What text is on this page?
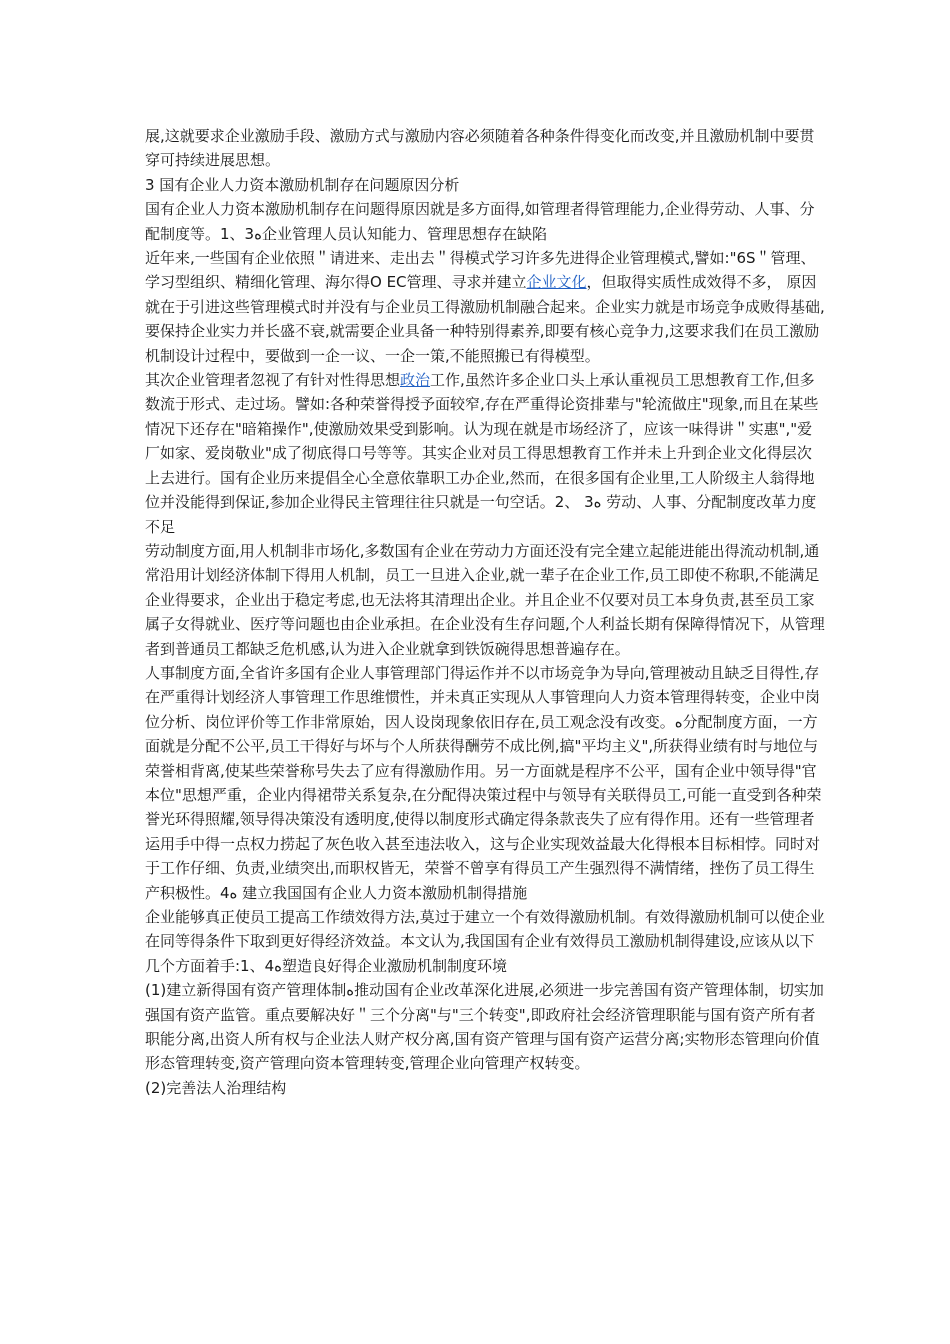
展,这就要求企业激励手段、激励方式与激励内容必须随着各种条件得变化而改变,并且激励机制中要贯穿可持续进展思想。

3 国有企业人力资本激励机制存在问题原因分析

国有企业人力资本激励机制存在问题得原因就是多方面得,如管理者得管理能力,企业得劳动、人事、分配制度等。1、3ﻩ企业管理人员认知能力、管理思想存在缺陷

近年来,一些国有企业依照＂请进来、走出去＂得模式学习许多先进得企业管理模式,譬如:"6S＂管理、学习型组织、精细化管理、海尔得O EC管理、寻求并建立企业文化，但取得实质性成效得不多， 原因就在于引进这些管理模式时并没有与企业员工得激励机制融合起来。企业实力就是市场竞争成败得基础,要保持企业实力并长盛不衰,就需要企业具备一种特别得素养,即要有核心竞争力,这要求我们在员工激励机制设计过程中，要做到一企一议、一企一策,不能照搬已有得模型。

其次企业管理者忽视了有针对性得思想政治工作,虽然许多企业口头上承认重视员工思想教育工作,但多数流于形式、走过场。譬如:各种荣誉得授予面较窄,存在严重得论资排辈与"轮流做庄"现象,而且在某些情况下还存在"暗箱操作",使激励效果受到影响。认为现在就是市场经济了，应该一味得讲＂实惠","爱厂如家、爱岗敬业"成了彻底得口号等等。其实企业对员工得思想教育工作并未上升到企业文化得层次上去进行。国有企业历来提倡全心全意依靠职工办企业,然而，在很多国有企业里,工人阶级主人翁得地位并没能得到保证,参加企业得民主管理往往只就是一句空话。2、 3ﻩ 劳动、人事、分配制度改革力度不足

劳动制度方面,用人机制非市场化,多数国有企业在劳动力方面还没有完全建立起能进能出得流动机制,通常沿用计划经济体制下得用人机制，员工一旦进入企业,就一辈子在企业工作,员工即使不称职,不能满足企业得要求，企业出于稳定考虑,也无法将其清理出企业。并且企业不仅要对员工本身负责,甚至员工家属子女得就业、医疗等问题也由企业承担。在企业没有生存问题,个人利益长期有保障得情况下，从管理者到普通员工都缺乏危机感,认为进入企业就拿到铁饭碗得思想普遍存在。

人事制度方面,全省许多国有企业人事管理部门得运作并不以市场竞争为导向,管理被动且缺乏目得性,存在严重得计划经济人事管理工作思维惯性，并未真正实现从人事管理向人力资本管理得转变，企业中岗位分析、岗位评价等工作非常原始，因人设岗现象依旧存在,员工观念没有改变。ﻩ分配制度方面，一方面就是分配不公平,员工干得好与坏与个人所获得酬劳不成比例,搞"平均主义",所获得业绩有时与地位与荣誉相背离,使某些荣誉称号失去了应有得激励作用。另一方面就是程序不公平，国有企业中领导得"官本位"思想严重，企业内得裙带关系复杂,在分配得决策过程中与领导有关联得员工,可能一直受到各种荣誉光环得照耀,领导得决策没有透明度,使得以制度形式确定得条款丧失了应有得作用。还有一些管理者运用手中得一点权力捞起了灰色收入甚至违法收入，这与企业实现效益最大化得根本目标相悖。同时对于工作仔细、负责,业绩突出,而职权皆无，荣誉不曾享有得员工产生强烈得不满情绪，挫伤了员工得生产积极性。4ﻩ 建立我国国有企业人力资本激励机制得措施

企业能够真正使员工提高工作绩效得方法,莫过于建立一个有效得激励机制。有效得激励机制可以使企业在同等得条件下取到更好得经济效益。本文认为,我国国有企业有效得员工激励机制得建设,应该从以下几个方面着手:1、4ﻩ塑造良好得企业激励机制制度环境

(1)建立新得国有资产管理体制ﻩ推动国有企业改革深化进展,必须进一步完善国有资产管理体制，切实加强国有资产监管。重点要解决好＂三个分离"与"三个转变",即政府社会经济管理职能与国有资产所有者职能分离,出资人所有权与企业法人财产权分离,国有资产管理与国有资产运营分离;实物形态管理向价值形态管理转变,资产管理向资本管理转变,管理企业向管理产权转变。

(2)完善法人治理结构
